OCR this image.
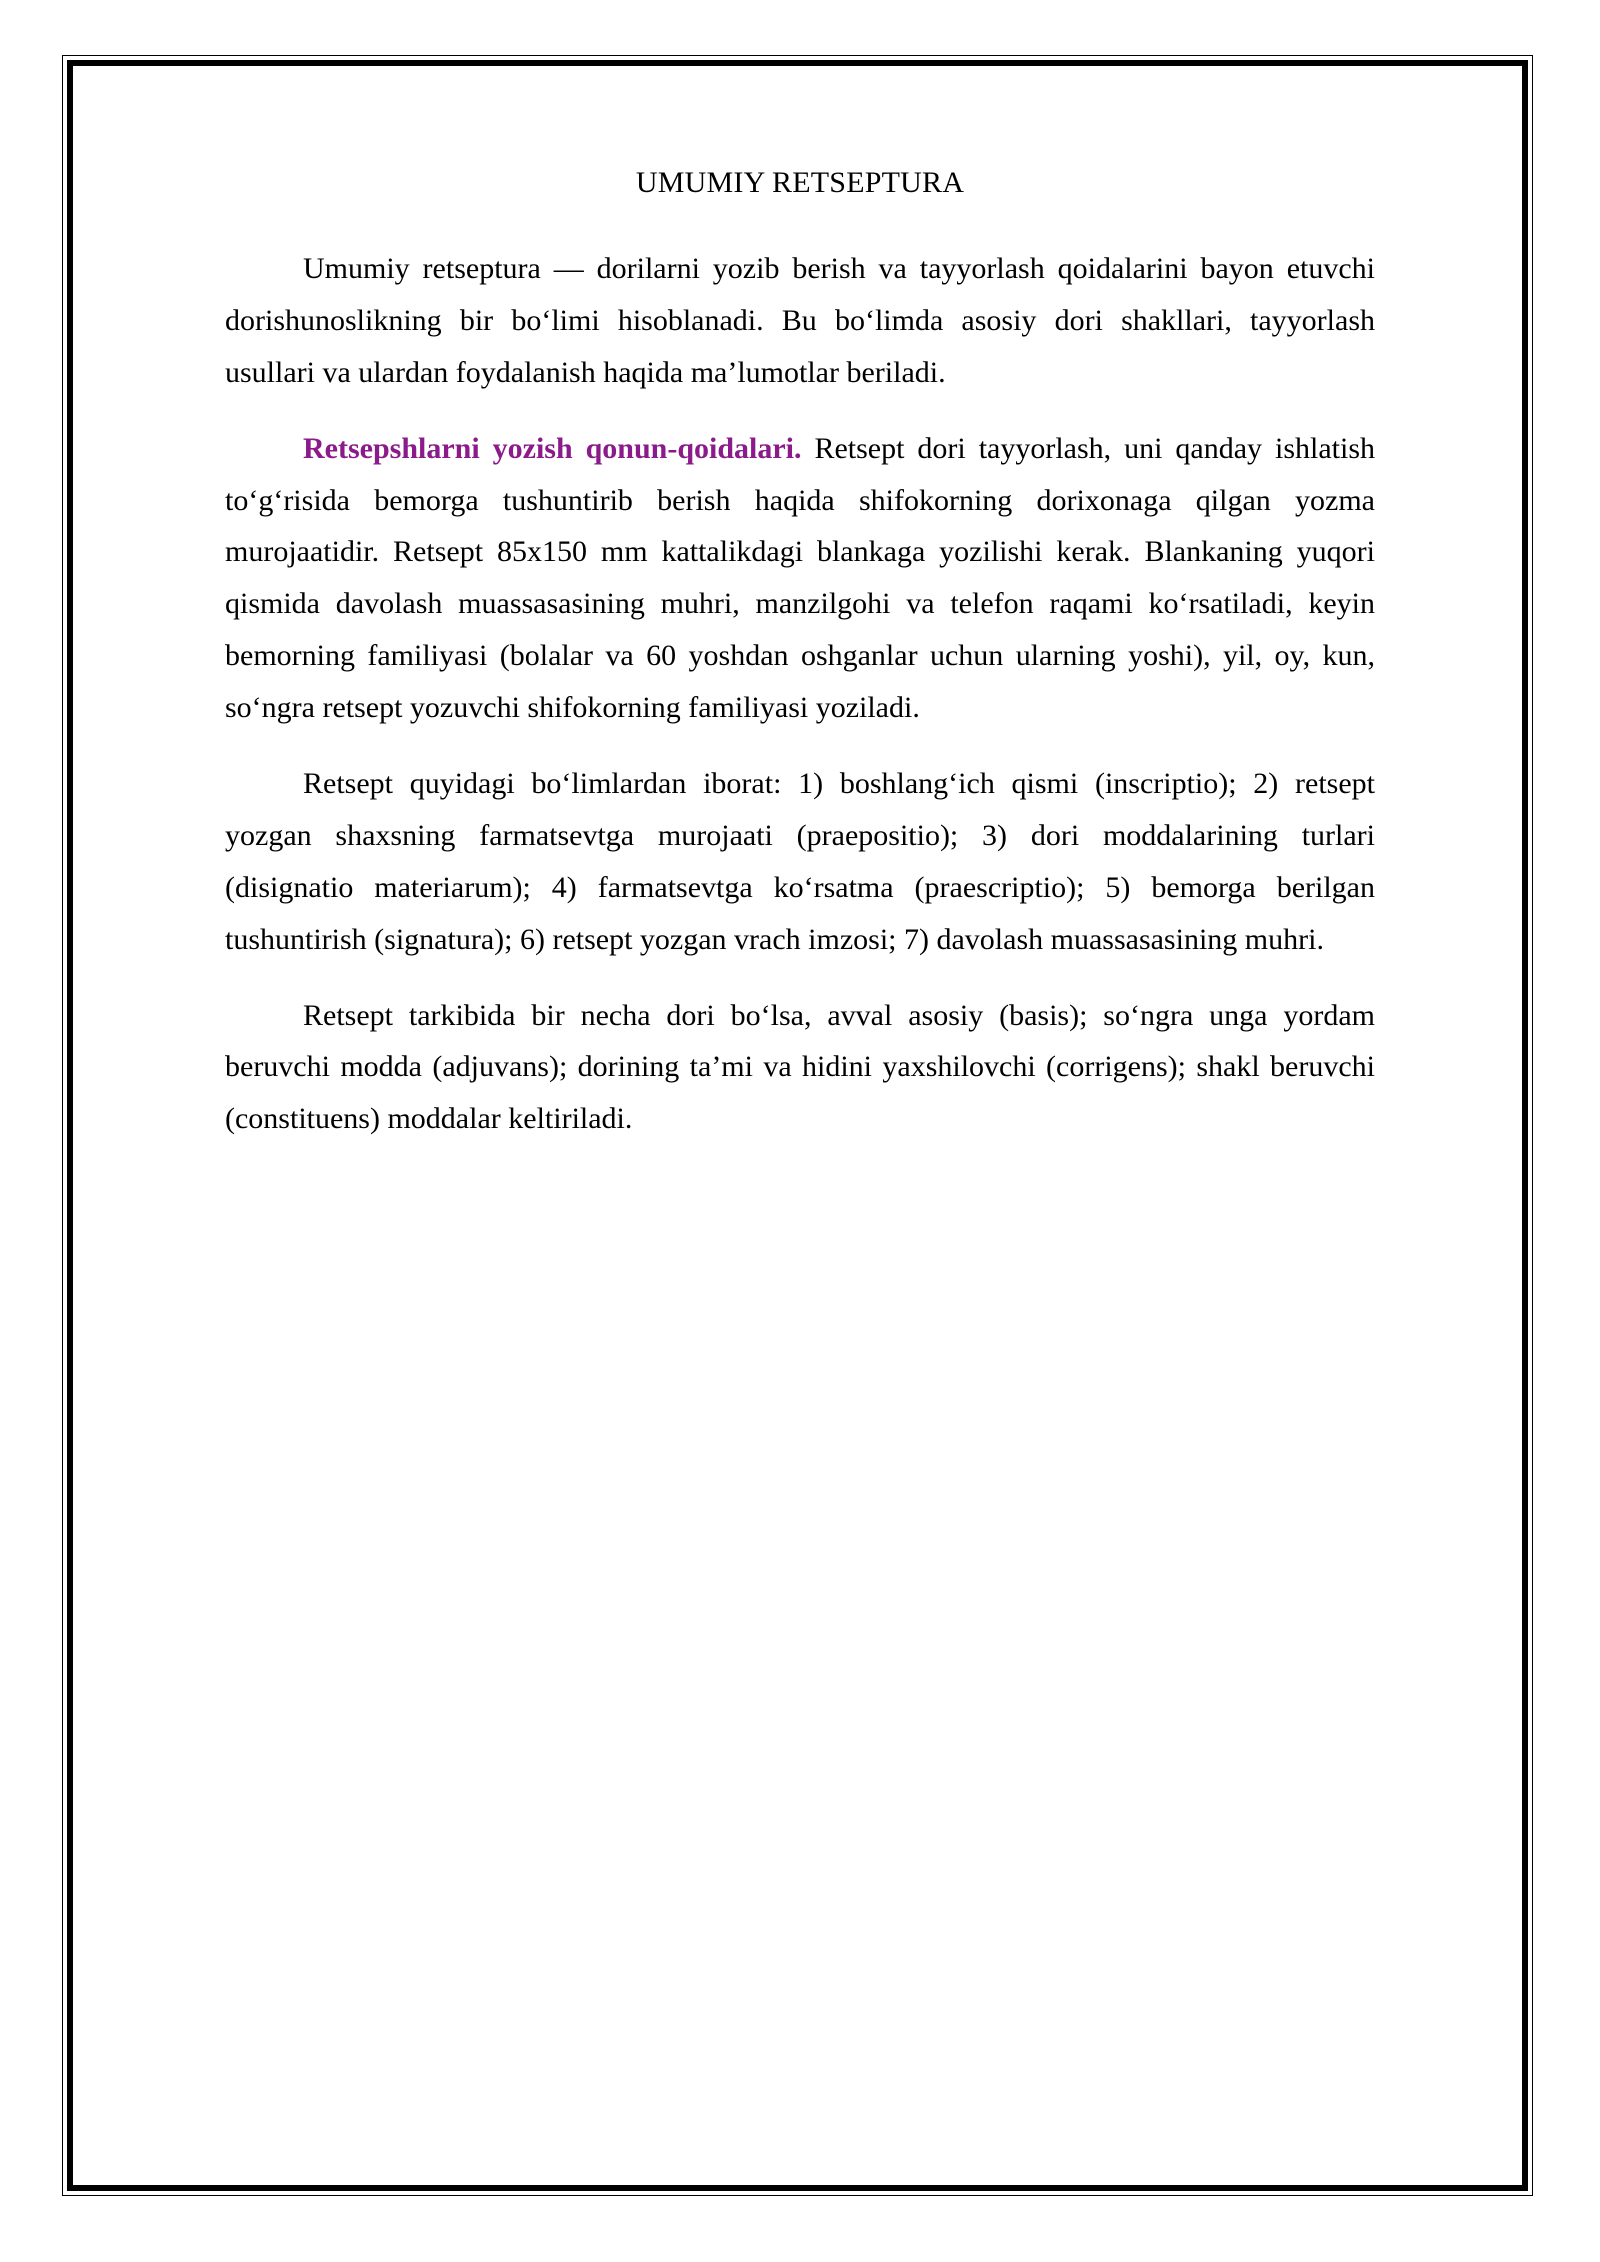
UMUMIY RETSEPTURA

Umumiy retseptura — dorilarni yozib berish va tayyorlash qoidalarini bayon etuvchi dorishunoslikning bir bo‘limi hisoblanadi. Bu bo‘limda asosiy dori shakllari, tayyorlash usullari va ulardan foydalanish haqida ma’lumotlar beriladi.

Retsepshlarni yozish qonun-qoidalari. Retsept dori tayyorlash, uni qanday ishlatish to‘g‘risida bemorga tushuntirib berish haqida shifokorning dorixonaga qilgan yozma murojaatidir. Retsept 85x150 mm kattalikdagi blankaga yozilishi kerak. Blankaning yuqori qismida davolash muassasasining muhri, manzilgohi va telefon raqami ko‘rsatiladi, keyin bemorning familiyasi (bolalar va 60 yoshdan oshganlar uchun ularning yoshi), yil, oy, kun, so‘ngra retsept yozuvchi shifokorning familiyasi yoziladi.

Retsept quyidagi bo‘limlardan iborat: 1) boshlang‘ich qismi (inscriptio); 2) retsept yozgan shaxsning farmatsevtga murojaati (praepositio); 3) dori moddalarining turlari (disignatio materiarum); 4) farmatsevtga ko‘rsatma (praescriptio); 5) bemorga berilgan tushuntirish (signatura); 6) retsept yozgan vrach imzosi; 7) davolash muassasasining muhri.

Retsept tarkibida bir necha dori bo‘lsa, avval asosiy (basis); so‘ngra unga yordam beruvchi modda (adjuvans); dorining ta’mi va hidini yaxshilovchi (corrigens); shakl beruvchi (constituens) moddalar keltiriladi.
